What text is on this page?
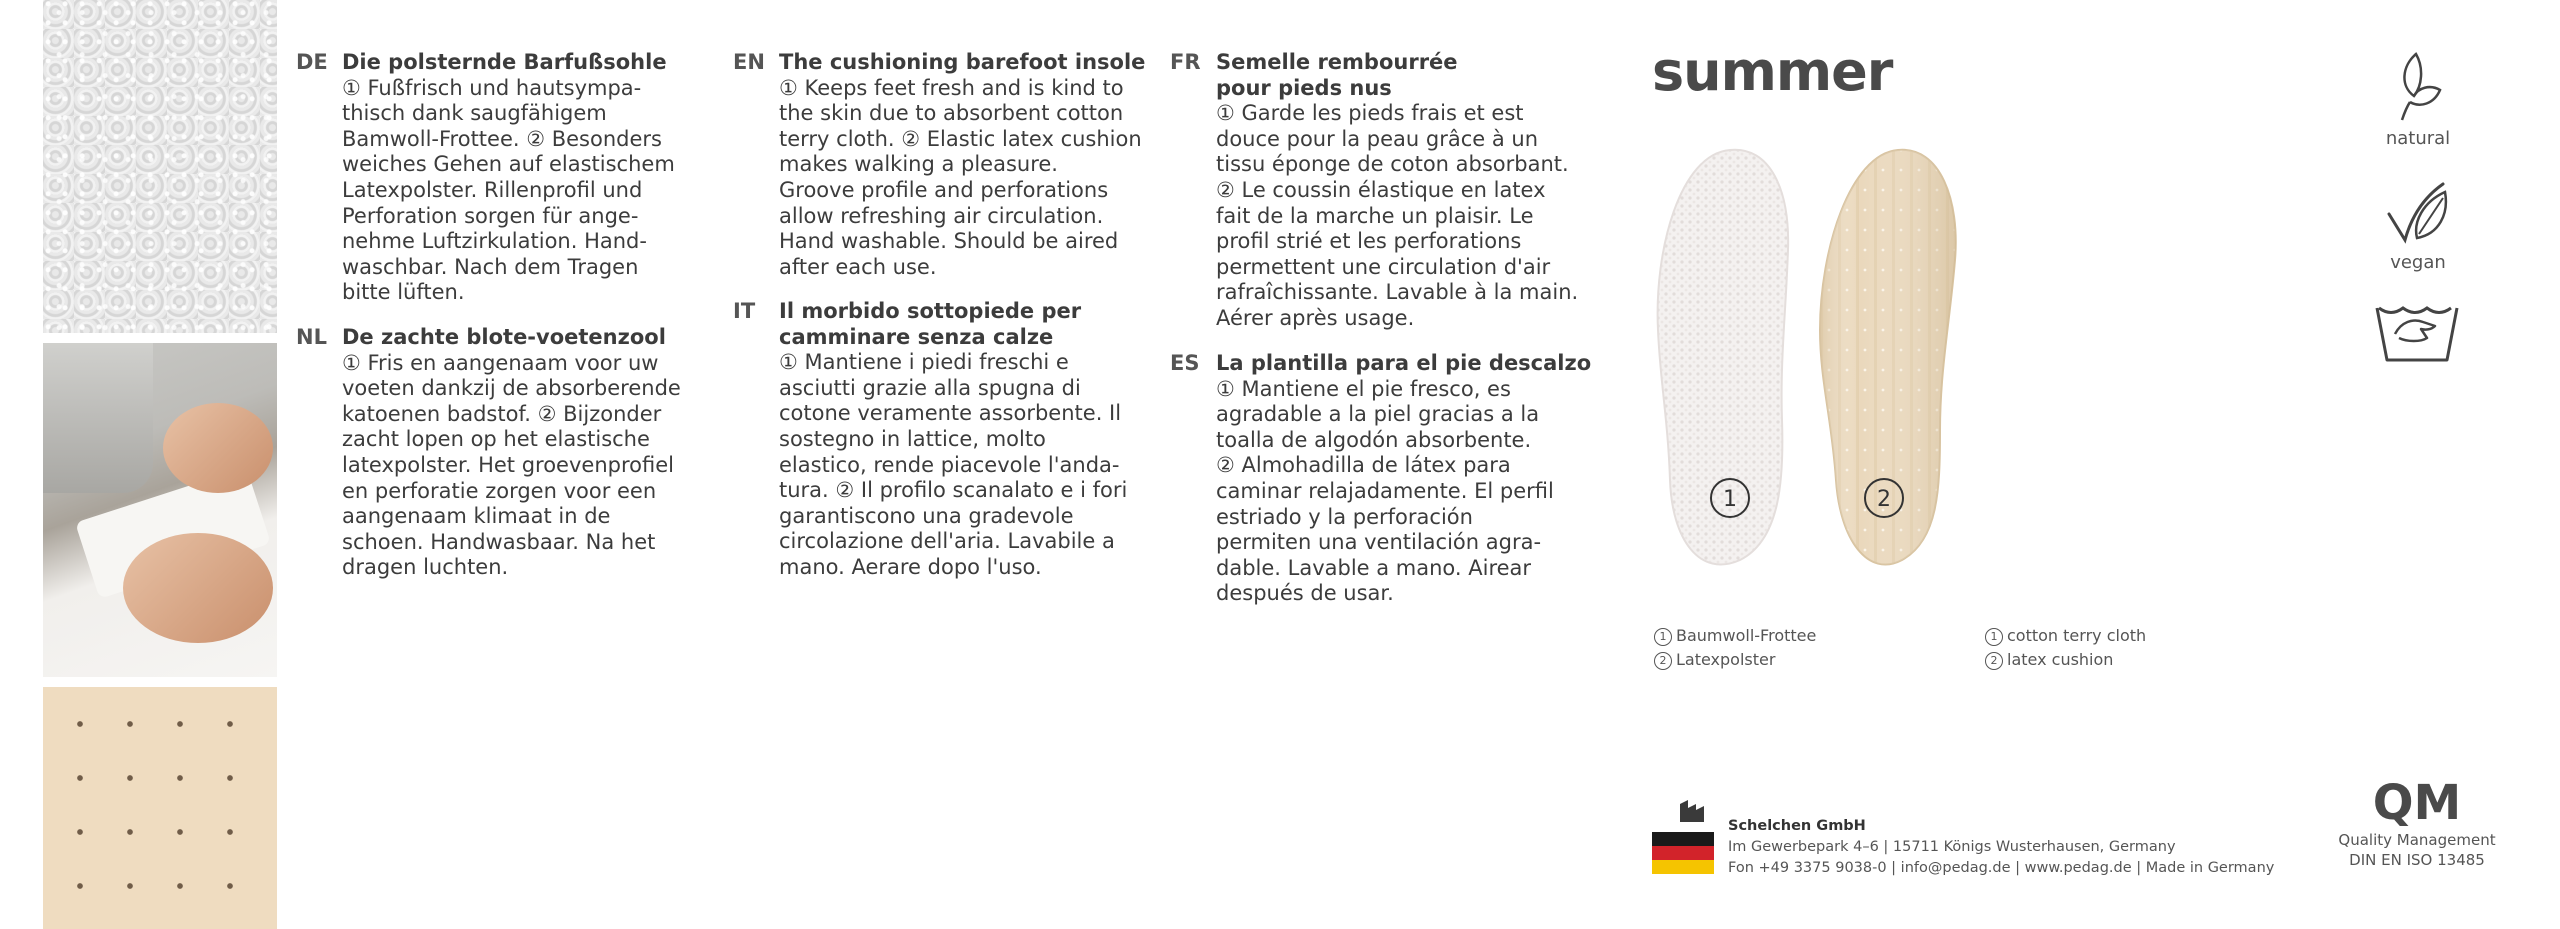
DE Die polsternde Barfußsohle
① Fußfrisch und hautsympa-
thisch dank saugfähigem
Bamwoll-Frottee. ② Besonders
weiches Gehen auf elastischem
Latexpolster. Rillenprofil und
Perforation sorgen für ange-
nehme Luftzirkulation. Hand-
waschbar. Nach dem Tragen
bitte lüften.
NL De zachte blote-voetenzool
① Fris en aangenaam voor uw
voeten dankzij de absorberende
katoenen badstof. ② Bijzonder
zacht lopen op het elastische
latexpolster. Het groevenprofiel
en perforatie zorgen voor een
aangenaam klimaat in de
schoen. Handwasbaar. Na het
dragen luchten.
EN The cushioning barefoot insole
① Keeps feet fresh and is kind to
the skin due to absorbent cotton
terry cloth. ② Elastic latex cushion
makes walking a pleasure.
Groove profile and perforations
allow refreshing air circulation.
Hand washable. Should be aired
after each use.
IT Il morbido sottopiede per
camminare senza calze
① Mantiene i piedi freschi e
asciutti grazie alla spugna di
cotone veramente assorbente. Il
sostegno in lattice, molto
elastico, rende piacevole l'anda-
tura. ② Il profilo scanalato e i fori
garantiscono una gradevole
circolazione dell'aria. Lavabile a
mano. Aerare dopo l'uso.
FR Semelle rembourrée
pour pieds nus
① Garde les pieds frais et est
douce pour la peau grâce à un
tissu éponge de coton absorbant.
② Le coussin élastique en latex
fait de la marche un plaisir. Le
profil strié et les perforations
permettent une circulation d'air
rafraîchissante. Lavable à la main.
Aérer après usage.
ES La plantilla para el pie descalzo
① Mantiene el pie fresco, es
agradable a la piel gracias a la
toalla de algodón absorbente.
② Almohadilla de látex para
caminar relajadamente. El perfil
estriado y la perforación
permiten una ventilación agra-
dable. Lavable a mano. Airear
después de usar.
summer
1	2
1 Baumwoll-Frottee
2 Latexpolster
1 cotton terry cloth
2 latex cushion
natural
vegan
Schelchen GmbH
Im Gewerbepark 4–6 | 15711 Königs Wusterhausen, Germany
Fon +49 3375 9038-0 | info@pedag.de | www.pedag.de | Made in Germany
QM
Quality Management
DIN EN ISO 13485
